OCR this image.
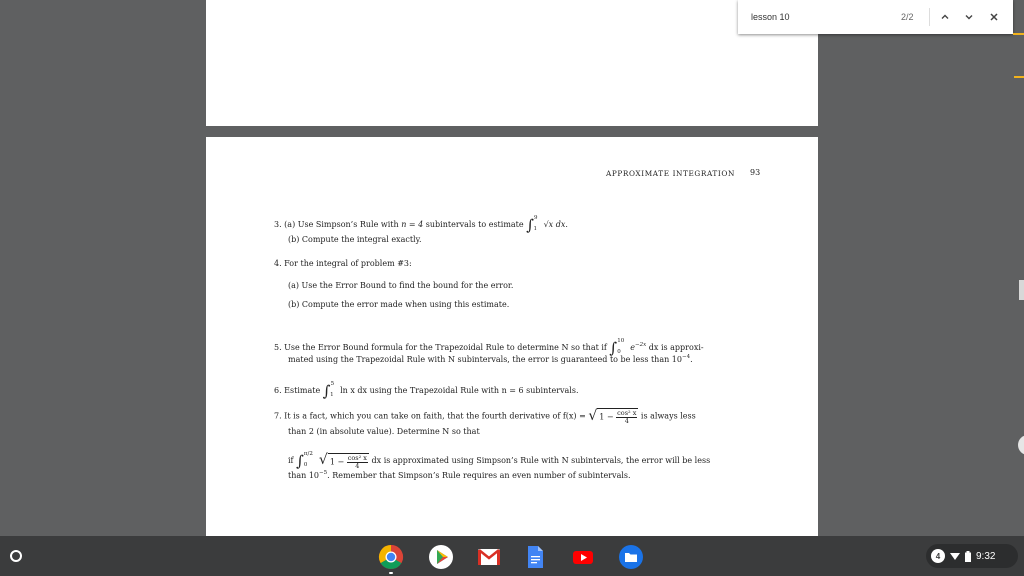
APPROXIMATE INTEGRATION 93
3. (a) Use Simpson’s Rule with n = 4 subintervals to estimate ∫$^9_1$ √x dx.
(b) Compute the integral exactly.
4. For the integral of problem #3:
(a) Use the Error Bound to find the bound for the error.
(b) Compute the error made when using this estimate.
5. Use the Error Bound formula for the Trapezoidal Rule to determine N so that if ∫$^{10}_0$ $e^{-2x}$ dx is approxi-
mated using the Trapezoidal Rule with N subintervals, the error is guaranteed to be less than $10^{-4}$.
6. Estimate ∫$^5_1$ ln x dx using the Trapezoidal Rule with n = 6 subintervals.
7. It is a fact, which you can take on faith, that the fourth derivative of f(x) = √ $1 - \frac{\text{cos² x}}{4}$ is always less
than 2 (in absolute value). Determine N so that
if ∫$^{\pi/2}_0$ √ $1 - \frac{\text{cos² x}}{4}$ dx is approximated using Simpson’s Rule with N subintervals, the error will be less
than $10^{-5}$. Remember that Simpson’s Rule requires an even number of subintervals.
lesson 10	2/2
4	9:32
